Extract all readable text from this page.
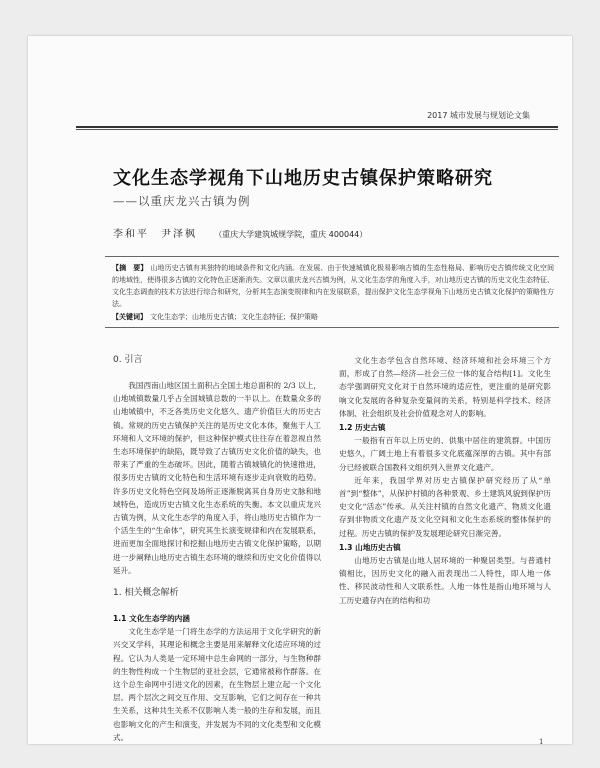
2017 城市发展与规划论文集
文化生态学视角下山地历史古镇保护策略研究
——以重庆龙兴古镇为例
李和平　尹泽枫 （重庆大学建筑城规学院，重庆 400044）
【摘　要】 山地历史古镇有其独特的地域条件和文化内涵。在发展、由于快速城镇化极易影响古镇的生态性格局、影响历史古镇传统文化空间的地域性，使得很多古镇的文化特色正逐渐消失。文章以重庆龙兴古镇为例，从文化生态学的角度入手，对山地历史古镇的历史文化生态特征、文化生态调查的技术方法进行综合和研究，分析其生态演变规律和内在发展联系，提出保护文化生态学视角下山地历史古镇文化保护的策略性方法。
【关键词】 文化生态学；山地历史古镇；文化生态特征；保护策略
0. 引言

我国西南山地区国土面积占全国土地总面积的 2/3 以上，山地城镇数量几乎占全国城镇总数的一半以上。在数量众多的山地城镇中，不乏各类历史文化悠久、遗产价值巨大的历史古镇。常规的历史古镇保护关注的是历史文化本体，聚焦于人工环境和人文环境的保护，但这种保护模式往往存在着忽视自然生态环境保护的缺陷，既导致了古镇历史文化价值的缺失，也带来了严重的生态破坏。因此，随着古镇城镇化的快速推进，很多历史古镇的文化特色和生活环境有逐步走向衰败的趋势。许多历史文化特色空间及场所正逐渐脱离其自身历史文脉和地域特色，造成历史古镇文化生态系统的失衡。本文以重庆龙兴古镇为例，从文化生态学的角度入手，将山地历史古镇作为一个活生生的“生命体”，研究其生长演变规律和内在发展联系，进而更加全面地探讨和挖掘山地历史古镇文化保护策略，以期进一步阐释山地历史古镇生态环境的继续和历史文化价值得以延升。

1. 相关概念解析
1.1 文化生态学的内涵

文化生态学是一门将生态学的方法运用于文化学研究的新兴交叉学科，其理论和概念主要是用来解释文化适应环境的过程。它认为人类是一定环境中总生命网的一部分，与生物种群的生物性构成一个生物层的亚社会层，它通常被称作群落。在这个总生命网中引进文化的因素，在生物层上建立起一个文化层。两个层次之间交互作用、交互影响，它们之间存在一种共生关系，这种共生关系不仅影响人类一般的生存和发展，而且也影响文化的产生和演变，并发展为不同的文化类型和文化模式。

文化生态学包含自然环境、经济环境和社会环境三个方面，形成了自然—经济—社会三位一体的复合结构[1]。文化生态学强调研究文化对于自然环境的适应性，更注重的是研究影响文化发展的各种复杂变量间的关系，特别是科学技术、经济体制、社会组织及社会价值观念对人的影响。

1.2 历史古镇

一般指有百年以上历史的、供集中居住的建筑群。中国历史悠久，广阔土地上有着很多文化底蕴深厚的古镇。其中有部分已经被联合国教科文组织列入世界文化遗产。

近年来，我国学界对历史古镇保护研究经历了从“单首”到“整体”，从保护村镇的各种景观、乡土建筑风貌到保护历史文化“活态”传承。从关注村镇的自然文化遗产、物质文化遗存到非物质文化遗产及文化空间和文化生态系统的整体保护的过程。历史古镇的保护及发展理论研究日渐完善。

1.3 山地历史古镇

山地历史古镇是山地人居环境的一种聚居类型。与普通村镇相比，因历史文化的融入而表现出二人特性，即人地一体性、移民波动性和人文联系性。人地一体性是指山地环境与人工历史遗存内在的结构和功

1
